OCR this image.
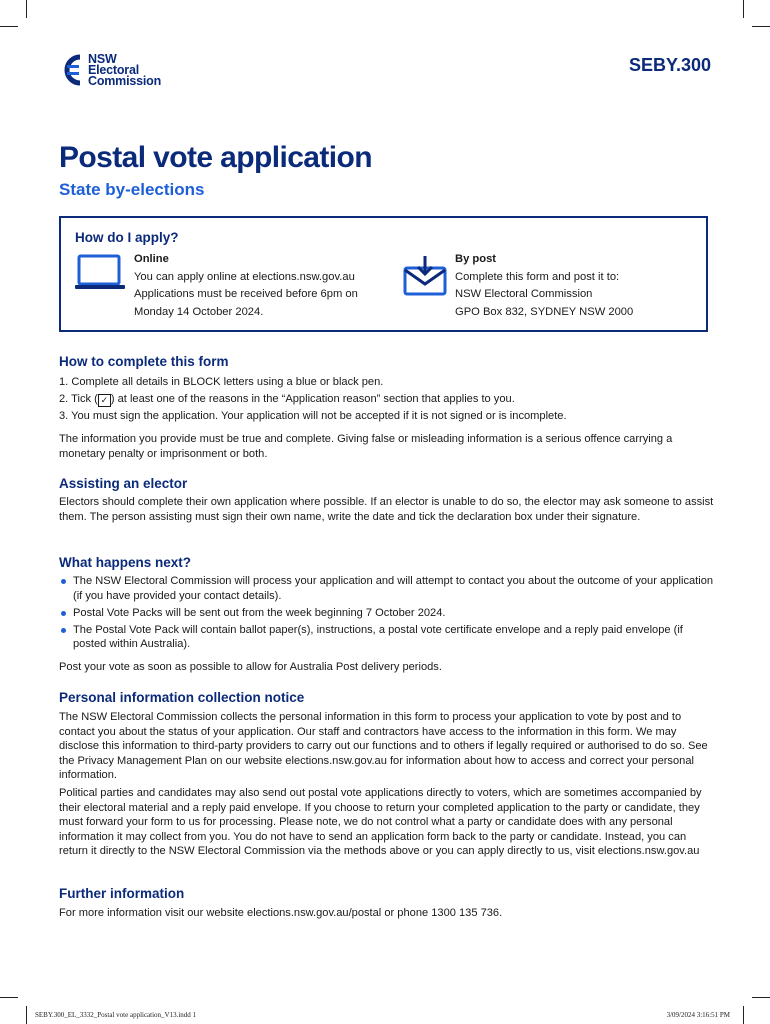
NSW
Electoral
Commission
SEBY.300
Postal vote application
State by-elections
How do I apply?
Online
You can apply online at elections.nsw.gov.au
Applications must be received before 6pm on
Monday 14 October 2024.
By post
Complete this form and post it to:
NSW Electoral Commission
GPO Box 832, SYDNEY NSW 2000
How to complete this form
1. Complete all details in BLOCK letters using a blue or black pen.
2. Tick ( ✓ ) at least one of the reasons in the “Application reason” section that applies to you.
3. You must sign the application. Your application will not be accepted if it is not signed or is incomplete.

The information you provide must be true and complete. Giving false or misleading information is a serious offence carrying a monetary penalty or imprisonment or both.

Assisting an elector

Electors should complete their own application where possible. If an elector is unable to do so, the elector may ask someone to assist them. The person assisting must sign their own name, write the date and tick the declaration box under their signature.

What happens next?
The NSW Electoral Commission will process your application and will attempt to contact you about the outcome of your application (if you have provided your contact details).
Postal Vote Packs will be sent out from the week beginning 7 October 2024.
The Postal Vote Pack will contain ballot paper(s), instructions, a postal vote certificate envelope and a reply paid envelope (if posted within Australia).

Post your vote as soon as possible to allow for Australia Post delivery periods.

Personal information collection notice

The NSW Electoral Commission collects the personal information in this form to process your application to vote by post and to contact you about the status of your application. Our staff and contractors have access to the information in this form. We may disclose this information to third-party providers to carry out our functions and to others if legally required or authorised to do so. See the Privacy Management Plan on our website elections.nsw.gov.au for information about how to access and correct your personal information.

Political parties and candidates may also send out postal vote applications directly to voters, which are sometimes accompanied by their electoral material and a reply paid envelope. If you choose to return your completed application to the party or candidate, they must forward your form to us for processing. Please note, we do not control what a party or candidate does with any personal information it may collect from you. You do not have to send an application form back to the party or candidate. Instead, you can return it directly to the NSW Electoral Commission via the methods above or you can apply directly to us, visit elections.nsw.gov.au

Further information

For more information visit our website elections.nsw.gov.au/postal or phone 1300 135 736.

SEBY.300_EL_3332_Postal vote application_V13.indd 1	3/09/2024 3:16:51 PM
